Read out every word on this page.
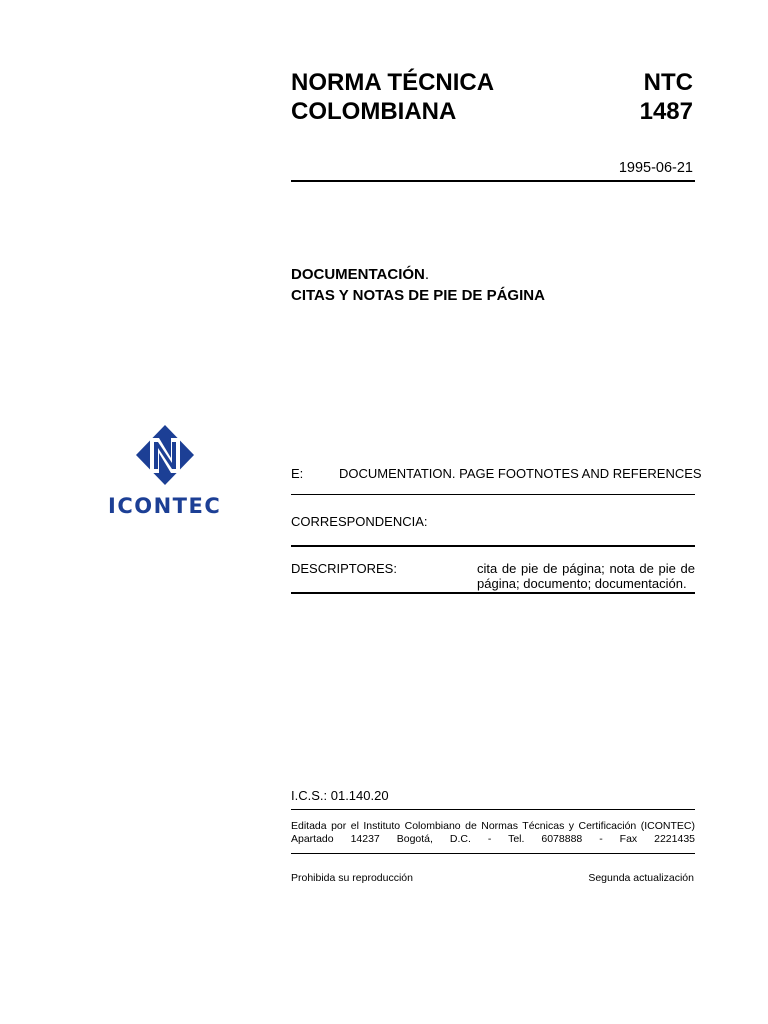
NORMA TÉCNICA
COLOMBIANA
NTC
1487
1995-06-21
DOCUMENTACIÓN.
CITAS Y NOTAS DE PIE DE PÁGINA
ICONTEC
E:	DOCUMENTATION. PAGE FOOTNOTES AND REFERENCES
CORRESPONDENCIA:
DESCRIPTORES:	cita de pie de página; nota de pie de
página; documento; documentación.
I.C.S.: 01.140.20
Editada por el Instituto Colombiano de Normas Técnicas y Certificación (ICONTEC)
Apartado 14237 Bogotá, D.C. - Tel. 6078888 - Fax 2221435
Prohibida su reproducción	Segunda actualización
